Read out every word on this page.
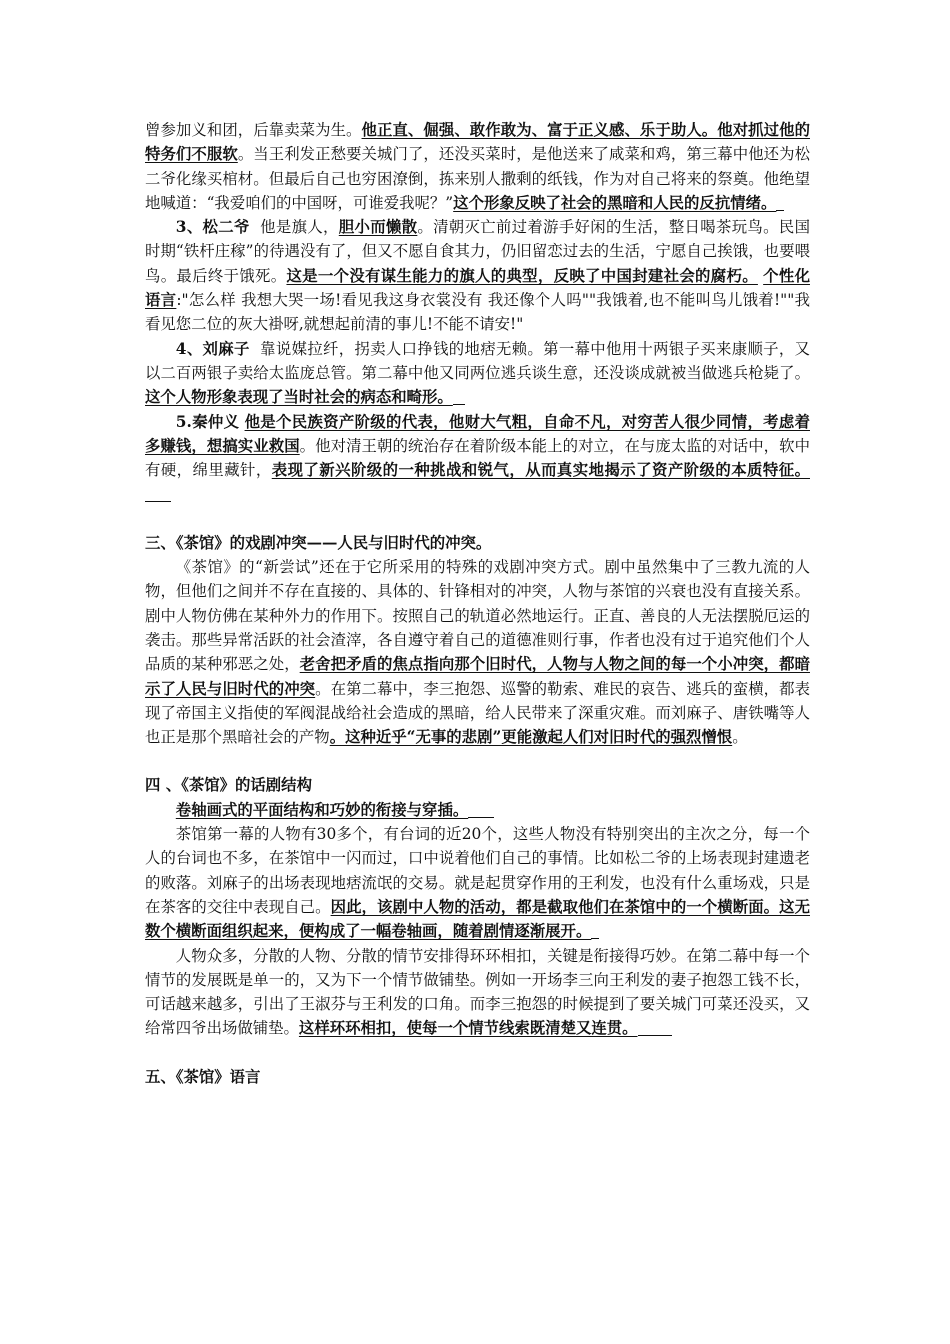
曾参加义和团，后靠卖菜为生。他正直、倔强、敢作敢为、富于正义感、乐于助人。他对抓过他的特务们不服软。当王利发正愁要关城门了，还没买菜时，是他送来了咸菜和鸡，第三幕中他还为松二爷化缘买棺材。但最后自己也穷困潦倒，拣来别人撒剩的纸钱，作为对自己将来的祭奠。他绝望地喊道：“我爱咱们的中国呀，可谁爱我呢？”这个形象反映了社会的黑暗和人民的反抗情绪。

3、松二爷 他是旗人，胆小而懒散。清朝灭亡前过着游手好闲的生活，整日喝茶玩鸟。民国时期“铁杆庄稼”的待遇没有了，但又不愿自食其力，仍旧留恋过去的生活，宁愿自己挨饿，也要喂鸟。最后终于饿死。这是一个没有谋生能力的旗人的典型，反映了中国封建社会的腐朽。 个性化语言:"怎么样 我想大哭一场!看见我这身衣裳没有 我还像个人吗""我饿着,也不能叫鸟儿饿着!""我看见您二位的灰大褂呀,就想起前清的事儿!不能不请安!"

4、刘麻子 靠说媒拉纤，拐卖人口挣钱的地痞无赖。第一幕中他用十两银子买来康顺子，又以二百两银子卖给太监庞总管。第二幕中他又同两位逃兵谈生意，还没谈成就被当做逃兵枪毙了。这个人物形象表现了当时社会的病态和畸形。

5.秦仲义 他是个民族资产阶级的代表，他财大气粗，自命不凡，对穷苦人很少同情，考虑着多赚钱，想搞实业救国。他对清王朝的统治存在着阶级本能上的对立，在与庞太监的对话中，软中有硬，绵里藏针，表现了新兴阶级的一种挑战和锐气，从而真实地揭示了资产阶级的本质特征。

三、《茶馆》的戏剧冲突——人民与旧时代的冲突。

《茶馆》的“新尝试”还在于它所采用的特殊的戏剧冲突方式。剧中虽然集中了三教九流的人物，但他们之间并不存在直接的、具体的、针锋相对的冲突，人物与茶馆的兴衰也没有直接关系。剧中人物仿佛在某种外力的作用下。按照自己的轨道必然地运行。正直、善良的人无法摆脱厄运的袭击。那些异常活跃的社会渣滓，各自遵守着自己的道德准则行事，作者也没有过于追究他们个人品质的某种邪恶之处，老舍把矛盾的焦点指向那个旧时代，人物与人物之间的每一个小冲突，都暗示了人民与旧时代的冲突。在第二幕中，李三抱怨、巡警的勒索、难民的哀告、逃兵的蛮横，都表现了帝国主义指使的军阀混战给社会造成的黑暗，给人民带来了深重灾难。而刘麻子、唐铁嘴等人也正是那个黑暗社会的产物。这种近乎“无事的悲剧”更能激起人们对旧时代的强烈憎恨。

四 、《茶馆》的话剧结构

卷轴画式的平面结构和巧妙的衔接与穿插。

茶馆第一幕的人物有30多个，有台词的近20个，这些人物没有特别突出的主次之分，每一个人的台词也不多，在茶馆中一闪而过，口中说着他们自己的事情。比如松二爷的上场表现封建遗老的败落。刘麻子的出场表现地痞流氓的交易。就是起贯穿作用的王利发，也没有什么重场戏，只是在茶客的交往中表现自己。因此，该剧中人物的活动，都是截取他们在茶馆中的一个横断面。这无数个横断面组织起来，便构成了一幅卷轴画，随着剧情逐渐展开。

人物众多，分散的人物、分散的情节安排得环环相扣，关键是衔接得巧妙。在第二幕中每一个情节的发展既是单一的，又为下一个情节做铺垫。例如一开场李三向王利发的妻子抱怨工钱不长，可话越来越多，引出了王淑芬与王利发的口角。而李三抱怨的时候提到了要关城门可菜还没买，又给常四爷出场做铺垫。这样环环相扣，使每一个情节线索既清楚又连贯。

五、《茶馆》语言
